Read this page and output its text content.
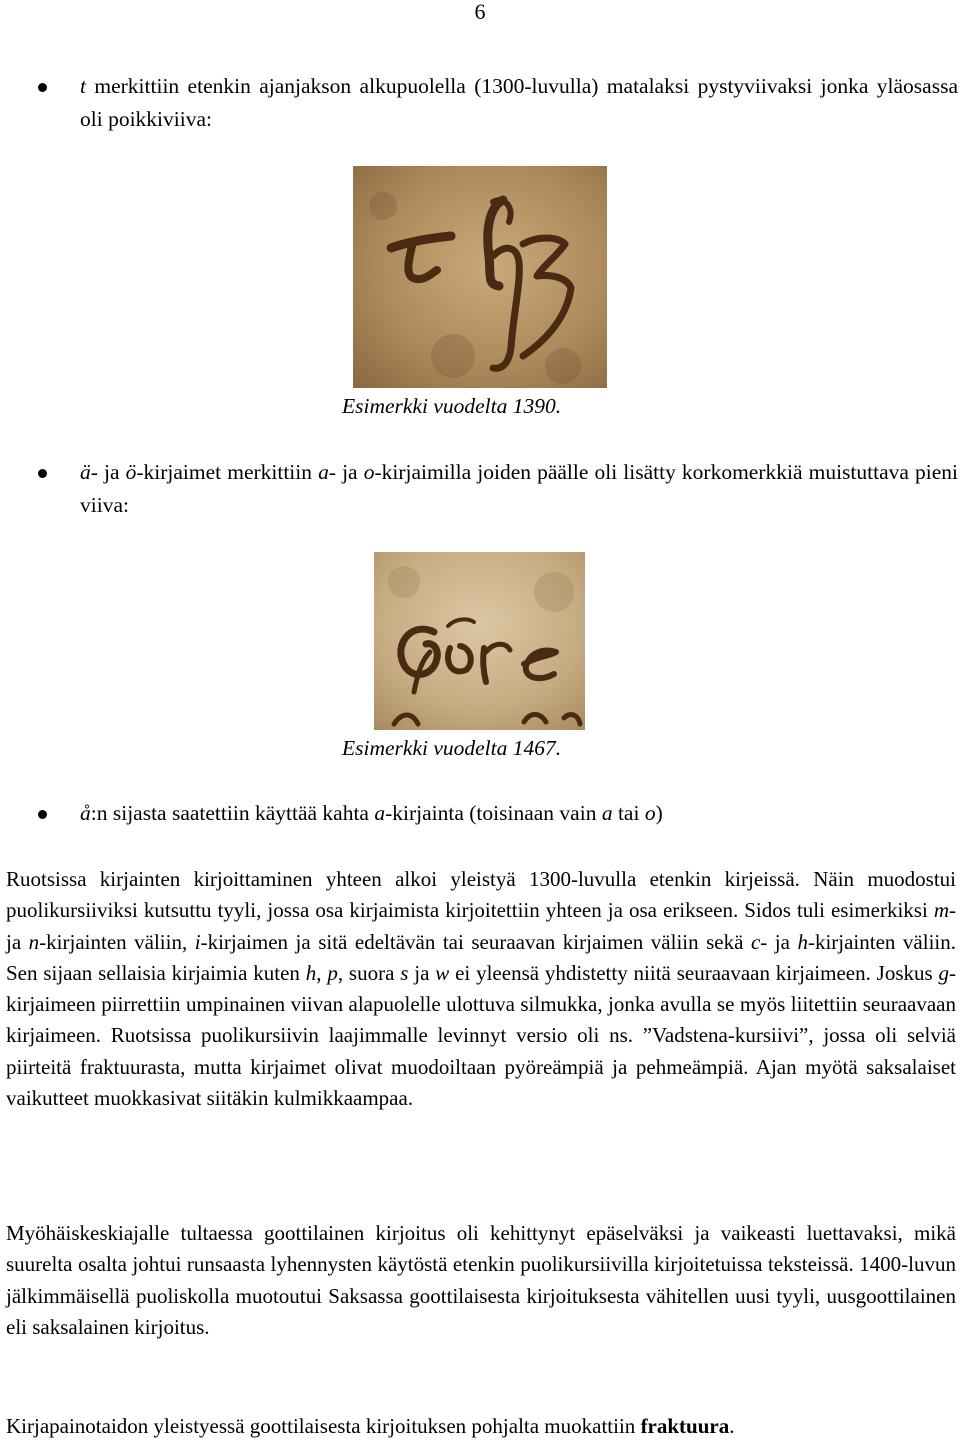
6
t merkittiin etenkin ajanjakson alkupuolella (1300-luvulla) matalaksi pystyviivaksi jonka yläosassa oli poikkiviiva:
Esimerkki vuodelta 1390.
ä- ja ö-kirjaimet merkittiin a- ja o-kirjaimilla joiden päälle oli lisätty korkomerkkiä muistuttava pieni viiva:
Esimerkki vuodelta 1467.
å:n sijasta saatettiin käyttää kahta a-kirjainta (toisinaan vain a tai o)
Ruotsissa kirjainten kirjoittaminen yhteen alkoi yleistyä 1300-luvulla etenkin kirjeissä. Näin muodostui puolikursiiviksi kutsuttu tyyli, jossa osa kirjaimista kirjoitettiin yhteen ja osa erikseen. Sidos tuli esimerkiksi m- ja n-kirjainten väliin, i-kirjaimen ja sitä edeltävän tai seuraavan kirjaimen väliin sekä c- ja h-kirjainten väliin. Sen sijaan sellaisia kirjaimia kuten h, p, suora s ja w ei yleensä yhdistetty niitä seuraavaan kirjaimeen. Joskus g-kirjaimeen piirrettiin umpinainen viivan alapuolelle ulottuva silmukka, jonka avulla se myös liitettiin seuraavaan kirjaimeen. Ruotsissa puolikursiivin laajimmalle levinnyt versio oli ns. ”Vadstena-kursiivi”, jossa oli selviä piirteitä fraktuurasta, mutta kirjaimet olivat muodoiltaan pyöreämpiä ja pehmeämpiä. Ajan myötä saksalaiset vaikutteet muokkasivat siitäkin kulmikkaampaa.
Myöhäiskeskiajalle tultaessa goottilainen kirjoitus oli kehittynyt epäselväksi ja vaikeasti luettavaksi, mikä suurelta osalta johtui runsaasta lyhennysten käytöstä etenkin puolikursiivilla kirjoitetuissa teksteissä. 1400-luvun jälkimmäisellä puoliskolla muotoutui Saksassa goottilaisesta kirjoituksesta vähitellen uusi tyyli, uusgoottilainen eli saksalainen kirjoitus.
Kirjapainotaidon yleistyessä goottilaisesta kirjoituksen pohjalta muokattiin fraktuura.
